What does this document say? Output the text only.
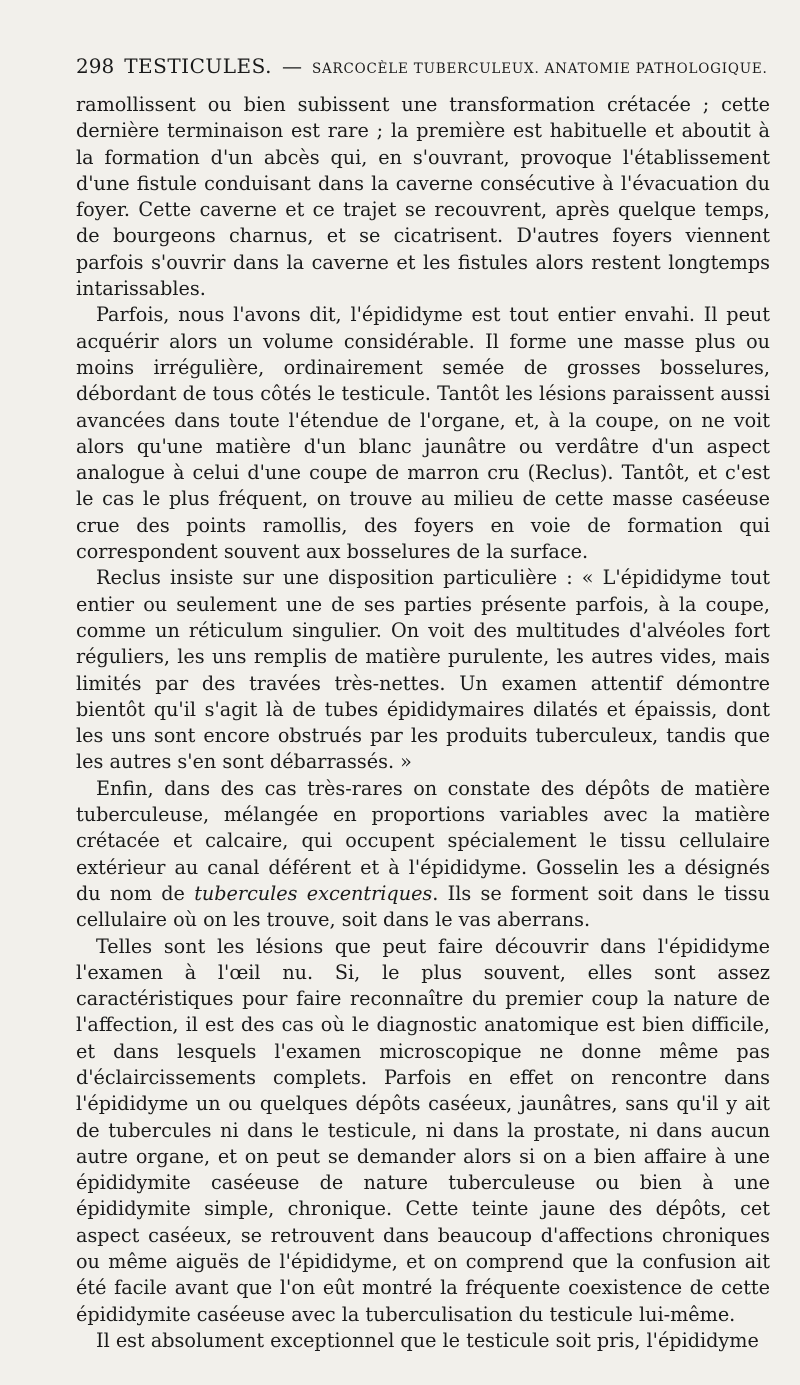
298 TESTICULES. — SARCOCÈLE TUBERCULEUX. ANATOMIE PATHOLOGIQUE.

ramollissent ou bien subissent une transformation crétacée ; cette dernière terminaison est rare ; la première est habituelle et aboutit à la formation d'un abcès qui, en s'ouvrant, provoque l'établissement d'une fistule conduisant dans la caverne consécutive à l'évacuation du foyer. Cette caverne et ce trajet se recouvrent, après quelque temps, de bourgeons charnus, et se cicatrisent. D'autres foyers viennent parfois s'ouvrir dans la caverne et les fistules alors restent longtemps intarissables.

Parfois, nous l'avons dit, l'épididyme est tout entier envahi. Il peut acquérir alors un volume considérable. Il forme une masse plus ou moins irrégulière, ordinairement semée de grosses bosselures, débordant de tous côtés le testicule. Tantôt les lésions paraissent aussi avancées dans toute l'étendue de l'organe, et, à la coupe, on ne voit alors qu'une matière d'un blanc jaunâtre ou verdâtre d'un aspect analogue à celui d'une coupe de marron cru (Reclus). Tantôt, et c'est le cas le plus fréquent, on trouve au milieu de cette masse caséeuse crue des points ramollis, des foyers en voie de formation qui correspondent souvent aux bosselures de la surface.

Reclus insiste sur une disposition particulière : « L'épididyme tout entier ou seulement une de ses parties présente parfois, à la coupe, comme un réticulum singulier. On voit des multitudes d'alvéoles fort réguliers, les uns remplis de matière purulente, les autres vides, mais limités par des travées très-nettes. Un examen attentif démontre bientôt qu'il s'agit là de tubes épididymaires dilatés et épaissis, dont les uns sont encore obstrués par les produits tuberculeux, tandis que les autres s'en sont débarrassés. »

Enfin, dans des cas très-rares on constate des dépôts de matière tuberculeuse, mélangée en proportions variables avec la matière crétacée et calcaire, qui occupent spécialement le tissu cellulaire extérieur au canal déférent et à l'épididyme. Gosselin les a désignés du nom de tubercules excentriques. Ils se forment soit dans le tissu cellulaire où on les trouve, soit dans le vas aberrans.

Telles sont les lésions que peut faire découvrir dans l'épididyme l'examen à l'œil nu. Si, le plus souvent, elles sont assez caractéristiques pour faire reconnaître du premier coup la nature de l'affection, il est des cas où le diagnostic anatomique est bien difficile, et dans lesquels l'examen microscopique ne donne même pas d'éclaircissements complets. Parfois en effet on rencontre dans l'épididyme un ou quelques dépôts caséeux, jaunâtres, sans qu'il y ait de tubercules ni dans le testicule, ni dans la prostate, ni dans aucun autre organe, et on peut se demander alors si on a bien affaire à une épididymite caséeuse de nature tuberculeuse ou bien à une épididymite simple, chronique. Cette teinte jaune des dépôts, cet aspect caséeux, se retrouvent dans beaucoup d'affections chroniques ou même aiguës de l'épididyme, et on comprend que la confusion ait été facile avant que l'on eût montré la fréquente coexistence de cette épididymite caséeuse avec la tuberculisation du testicule lui-même.

Il est absolument exceptionnel que le testicule soit pris, l'épididyme
